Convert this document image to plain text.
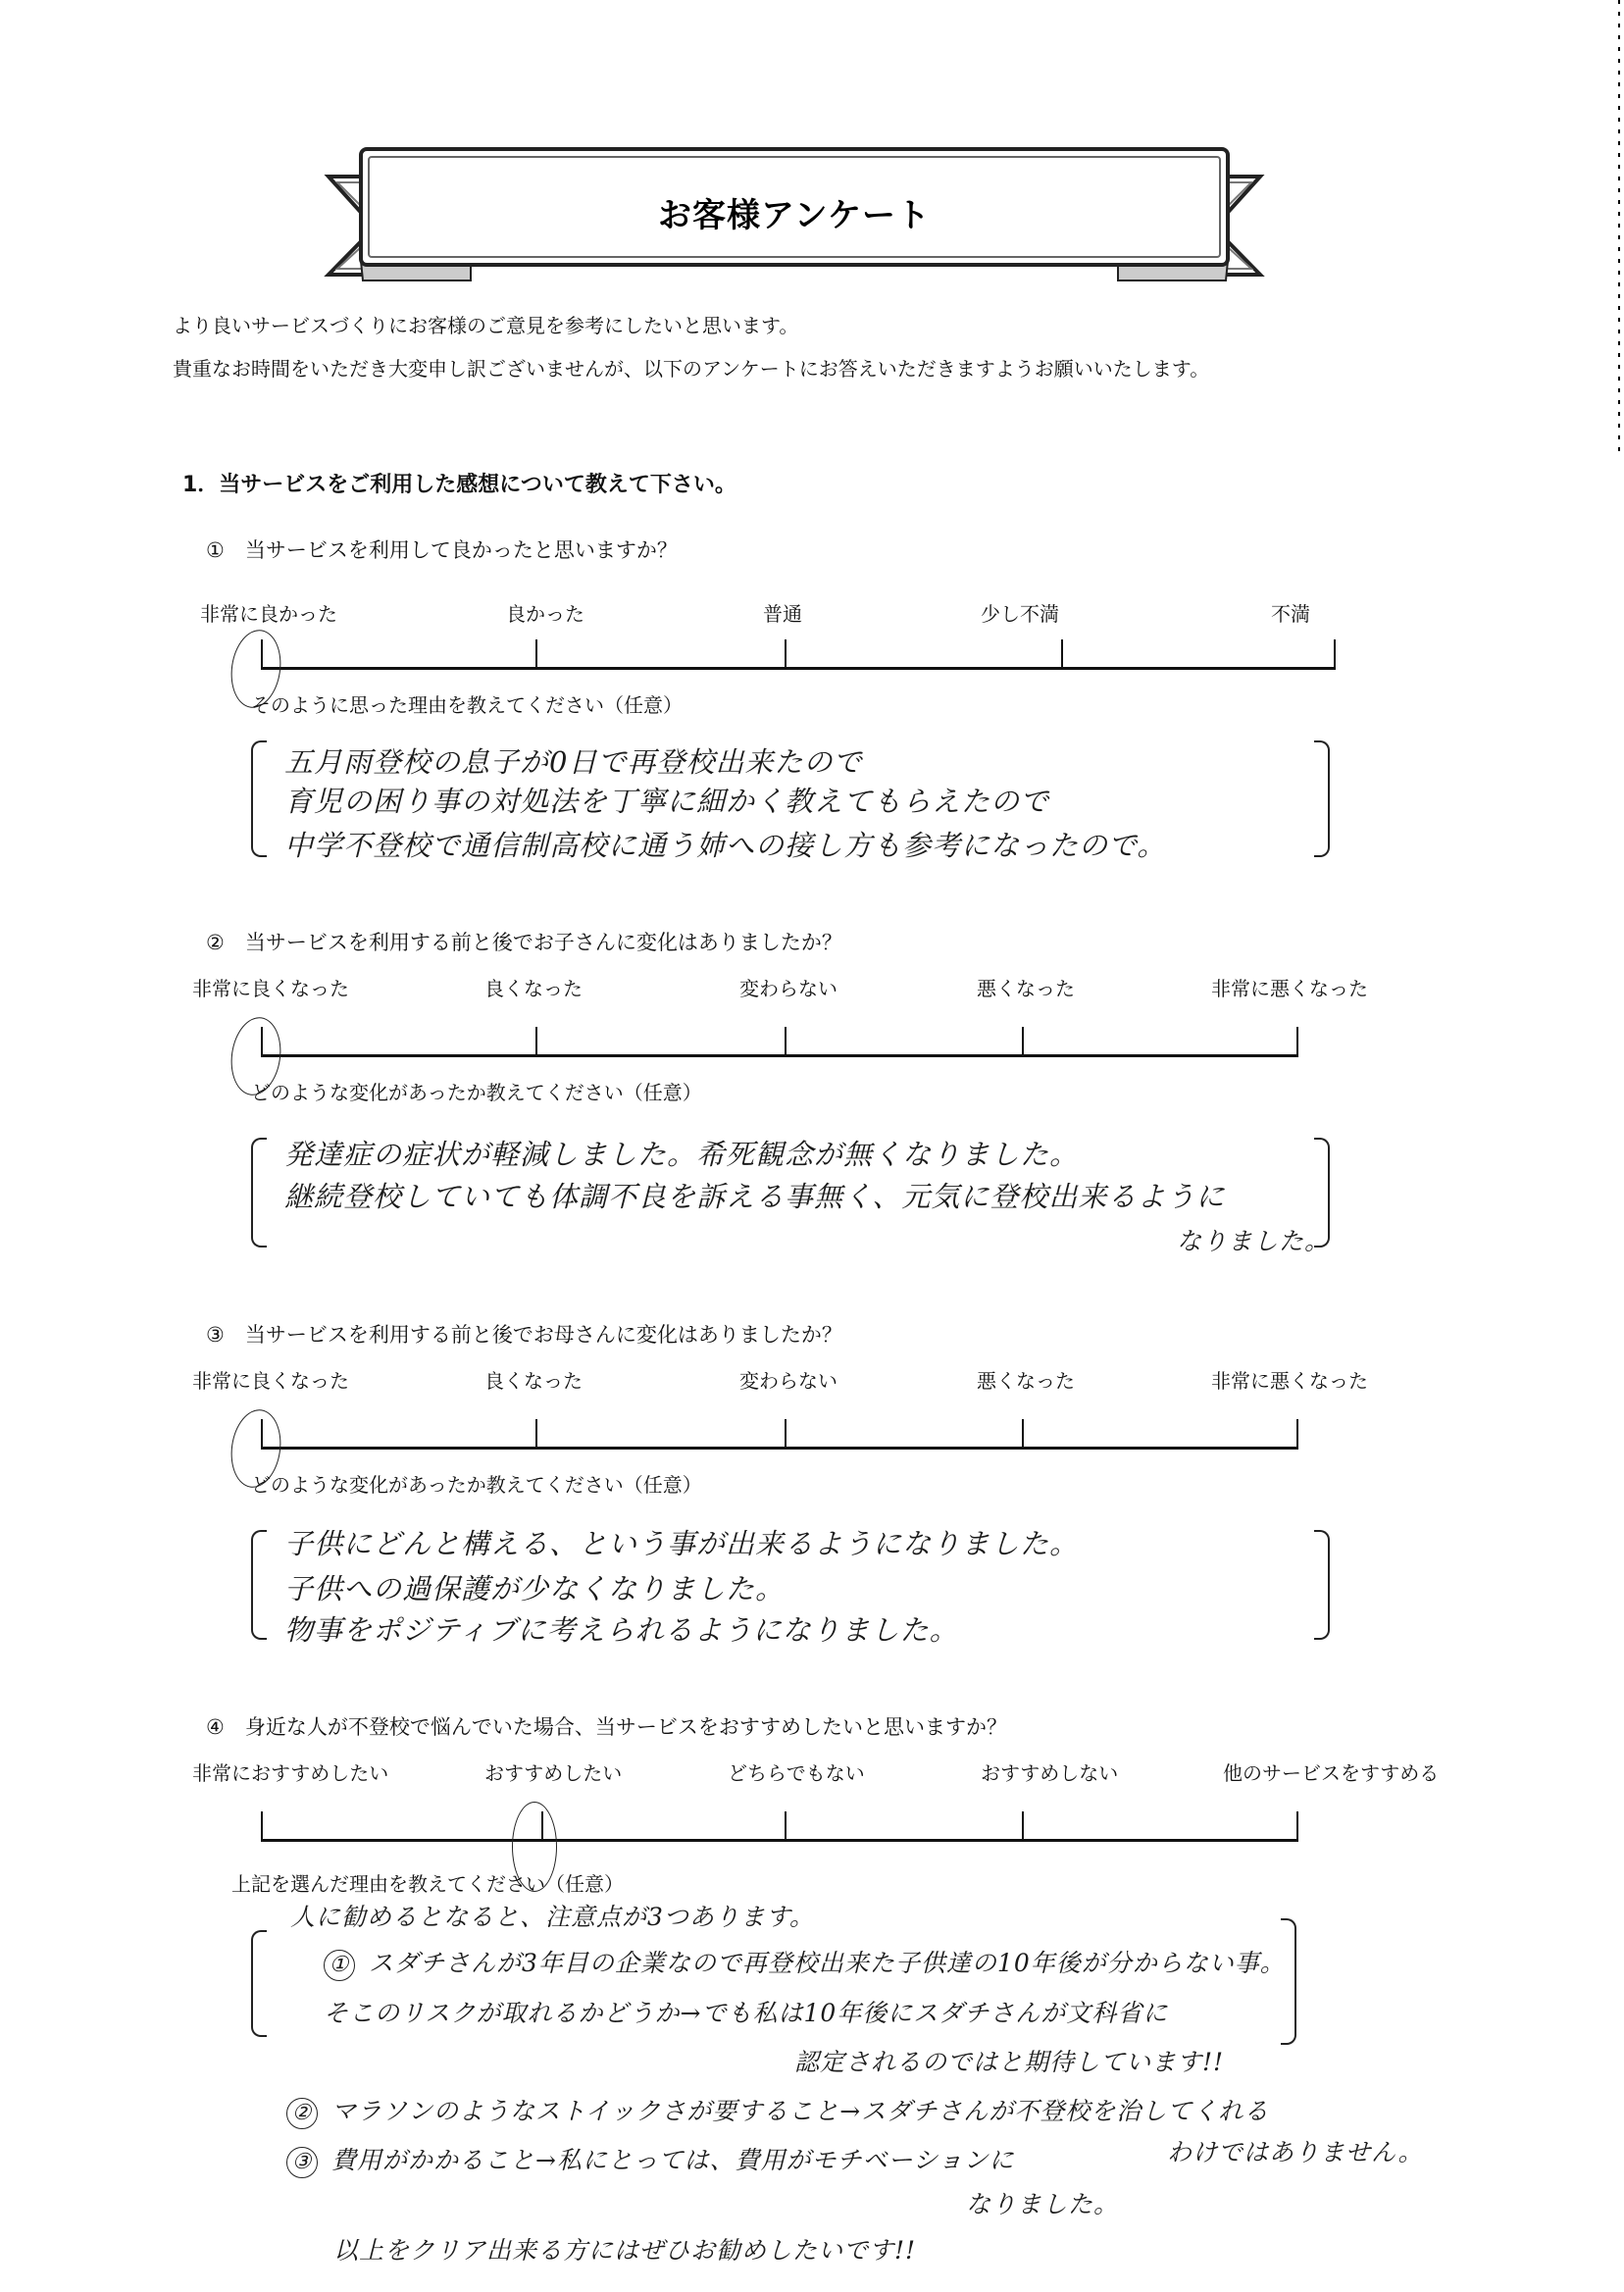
お客様アンケート
より良いサービスづくりにお客様のご意見を参考にしたいと思います。
貴重なお時間をいただき大変申し訳ございませんが、以下のアンケートにお答えいただきますようお願いいたします。
1．当サービスをご利用した感想について教えて下さい。
①　当サービスを利用して良かったと思いますか？
非常に良かった	良かった	普通	少し不満	不満
そのように思った理由を教えてください（任意）
五月雨登校の息子が0日で再登校出来たので
育児の困り事の対処法を丁寧に細かく教えてもらえたので
中学不登校で通信制高校に通う姉への接し方も参考になったので。
②　当サービスを利用する前と後でお子さんに変化はありましたか？
非常に良くなった	良くなった	変わらない	悪くなった	非常に悪くなった
どのような変化があったか教えてください（任意）
発達症の症状が軽減しました。希死観念が無くなりました。
継続登校していても体調不良を訴える事無く、元気に登校出来るように
なりました。
③　当サービスを利用する前と後でお母さんに変化はありましたか？
非常に良くなった	良くなった	変わらない	悪くなった	非常に悪くなった
どのような変化があったか教えてください（任意）
子供にどんと構える、という事が出来るようになりました。
子供への過保護が少なくなりました。
物事をポジティブに考えられるようになりました。
④　身近な人が不登校で悩んでいた場合、当サービスをおすすめしたいと思いますか？
非常におすすめしたい	おすすめしたい	どちらでもない	おすすめしない	他のサービスをすすめる
上記を選んだ理由を教えてください（任意）
人に勧めるとなると、注意点が3つあります。
① スダチさんが3年目の企業なので再登校出来た子供達の10年後が分からない事。
そこのリスクが取れるかどうか→でも私は10年後にスダチさんが文科省に
認定されるのではと期待しています!!
② マラソンのようなストイックさが要すること→スダチさんが不登校を治してくれる
わけではありません。
③ 費用がかかること→私にとっては、費用がモチベーションに
なりました。
以上をクリア出来る方にはぜひお勧めしたいです!!
